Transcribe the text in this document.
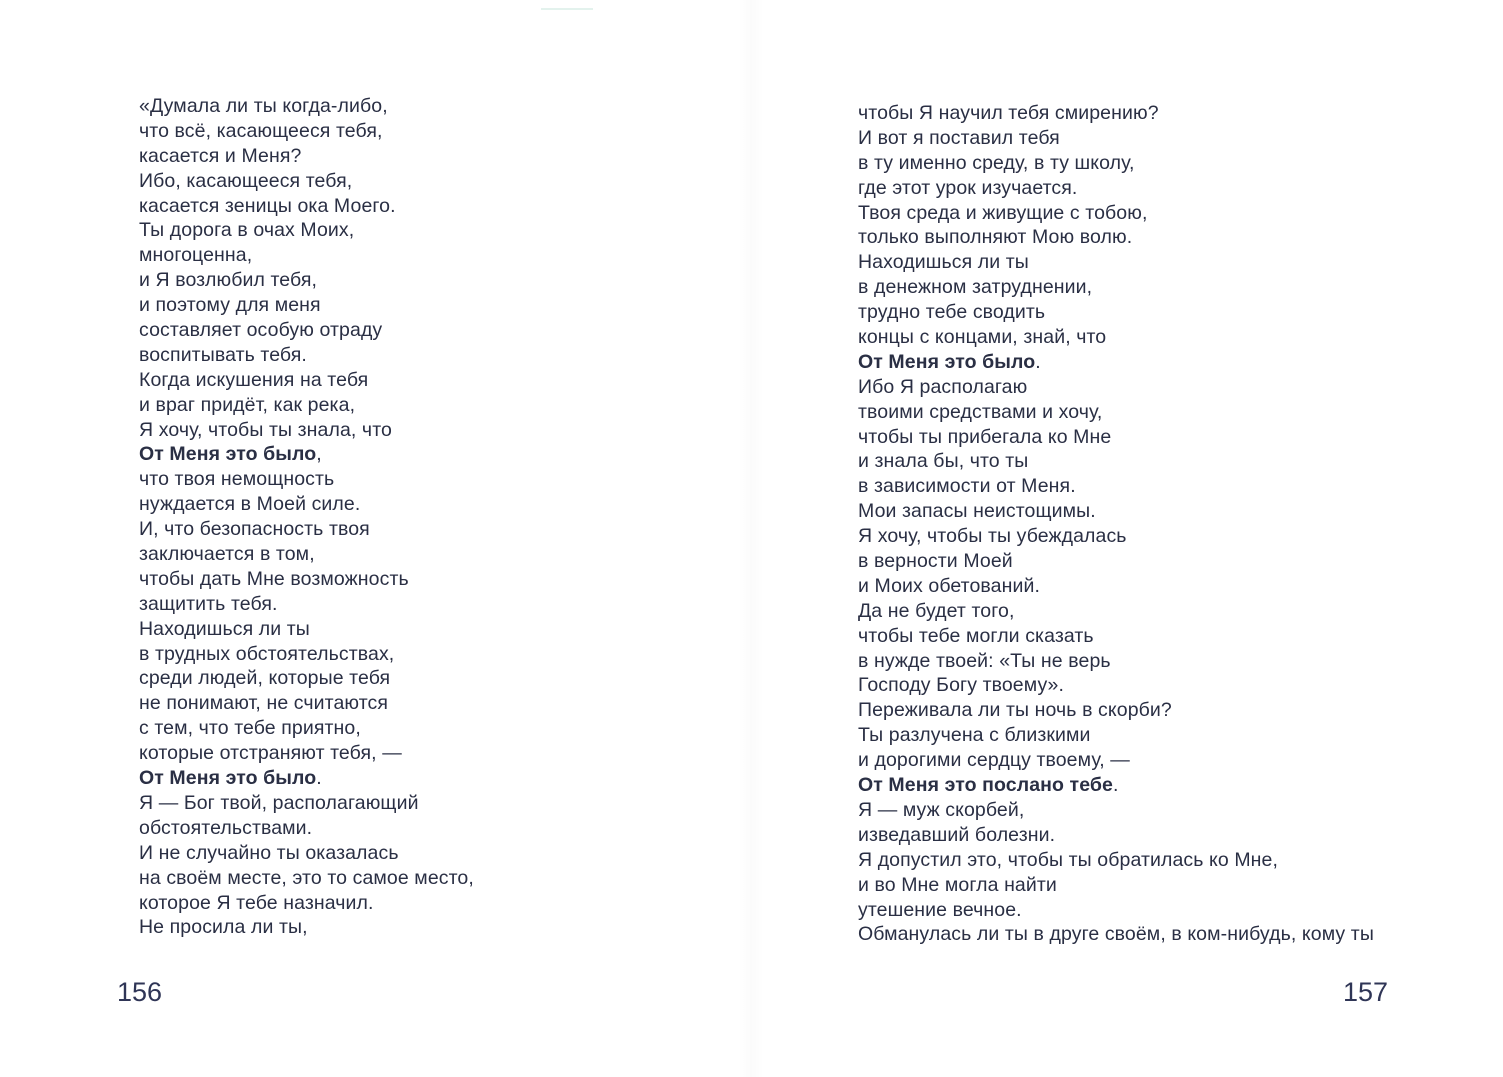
«Думала ли ты когда-либо,
что всё, касающееся тебя,
касается и Меня?
Ибо, касающееся тебя,
касается зеницы ока Моего.
Ты дорога в очах Моих,
многоценна,
и Я возлюбил тебя,
и поэтому для меня
составляет особую отраду
воспитывать тебя.
Когда искушения на тебя
и враг придёт, как река,
Я хочу, чтобы ты знала, что
От Меня это было,
что твоя немощность
нуждается в Моей силе.
И, что безопасность твоя
заключается в том,
чтобы дать Мне возможность
защитить тебя.
Находишься ли ты
в трудных обстоятельствах,
среди людей, которые тебя
не понимают, не считаются
с тем, что тебе приятно,
которые отстраняют тебя, —
От Меня это было.
Я — Бог твой, располагающий
обстоятельствами.
И не случайно ты оказалась
на своём месте, это то самое место,
которое Я тебе назначил.
Не просила ли ты,
156
чтобы Я научил тебя смирению?
И вот я поставил тебя
в ту именно среду, в ту школу,
где этот урок изучается.
Твоя среда и живущие с тобою,
только выполняют Мою волю.
Находишься ли ты
в денежном затруднении,
трудно тебе сводить
концы с концами, знай, что
От Меня это было.
Ибо Я располагаю
твоими средствами и хочу,
чтобы ты прибегала ко Мне
и знала бы, что ты
в зависимости от Меня.
Мои запасы неистощимы.
Я хочу, чтобы ты убеждалась
в верности Моей
и Моих обетований.
Да не будет того,
чтобы тебе могли сказать
в нужде твоей: «Ты не верь
Господу Богу твоему».
Переживала ли ты ночь в скорби?
Ты разлучена с близкими
и дорогими сердцу твоему, —
От Меня это послано тебе.
Я — муж скорбей,
изведавший болезни.
Я допустил это, чтобы ты обратилась ко Мне,
и во Мне могла найти
утешение вечное.
Обманулась ли ты в друге своём, в ком-нибудь, кому ты
157
